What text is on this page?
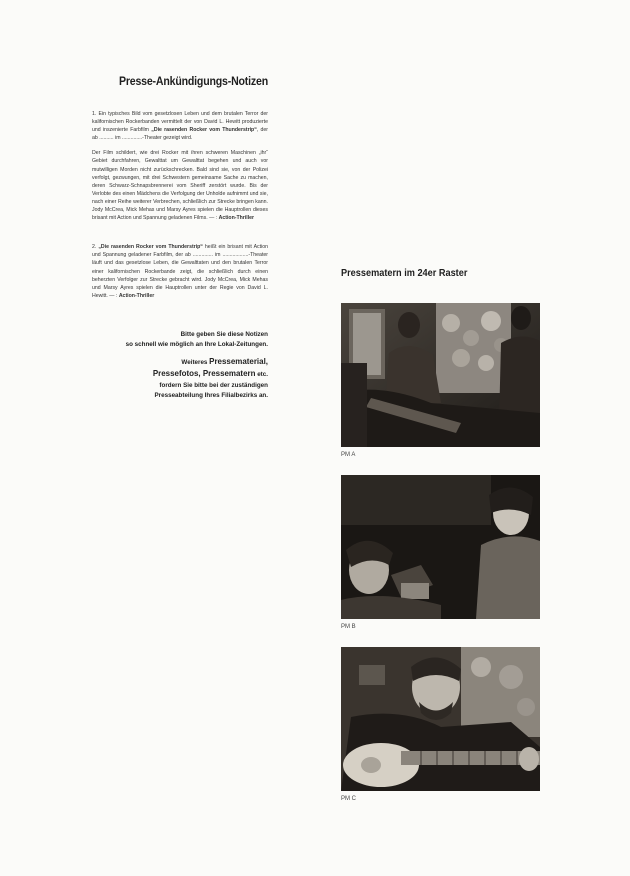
Presse-Ankündigungs-Notizen

1. Ein typisches Bild vom gesetzlosen Leben und dem brutalen Terror der kalifornischen Rockerbanden vermittelt der von David L. Hewitt produzierte und inszenierte Farbfilm „Die rasenden Rocker vom Thunderstrip“, der ab .......... im ..............-Theater gezeigt wird.

Der Film schildert, wie drei Rocker mit ihren schweren Maschinen „ihr“ Gebiet durchfahren, Gewalttat um Gewalttat begehen und auch vor mutwilligen Morden nicht zurückschrecken. Bald sind sie, von der Polizei verfolgt, gezwungen, mit drei Schwestern gemeinsame Sache zu machen, deren Schwarz-Schnapsbrennerei vom Sheriff zerstört wurde. Bis der Verlobte des einen Mädchens die Verfolgung der Unholde aufnimmt und sie, nach einer Reihe weiterer Verbrechen, schließlich zur Strecke bringen kann. Jody McCrea, Mick Mehas und Marsy Ayres spielen die Hauptrollen dieses brisant mit Action und Spannung geladenen Films. — : Action-Thriller

2. „Die rasenden Rocker vom Thunderstrip“ heißt ein brisant mit Action und Spannung geladener Farbfilm, der ab .............. im ..................-Theater läuft und das gesetzlose Leben, die Gewalttaten und den brutalen Terror einer kalifornischen Rockerbande zeigt, die schließlich durch einen beherzten Verfolger zur Strecke gebracht wird. Jody McCrea, Mick Mehas und Marsy Ayres spielen die Hauptrollen unter der Regie von David L. Hewitt. — : Action-Thriller

Bitte geben Sie diese Notizen
so schnell wie möglich an Ihre Lokal-Zeitungen.
Weiteres Pressematerial,
Pressefotos, Pressematern etc.
fordern Sie bitte bei der zuständigen
Presseabteilung Ihres Filialbezirks an.
Pressematern im 24er Raster
PM A
PM B
PM C
